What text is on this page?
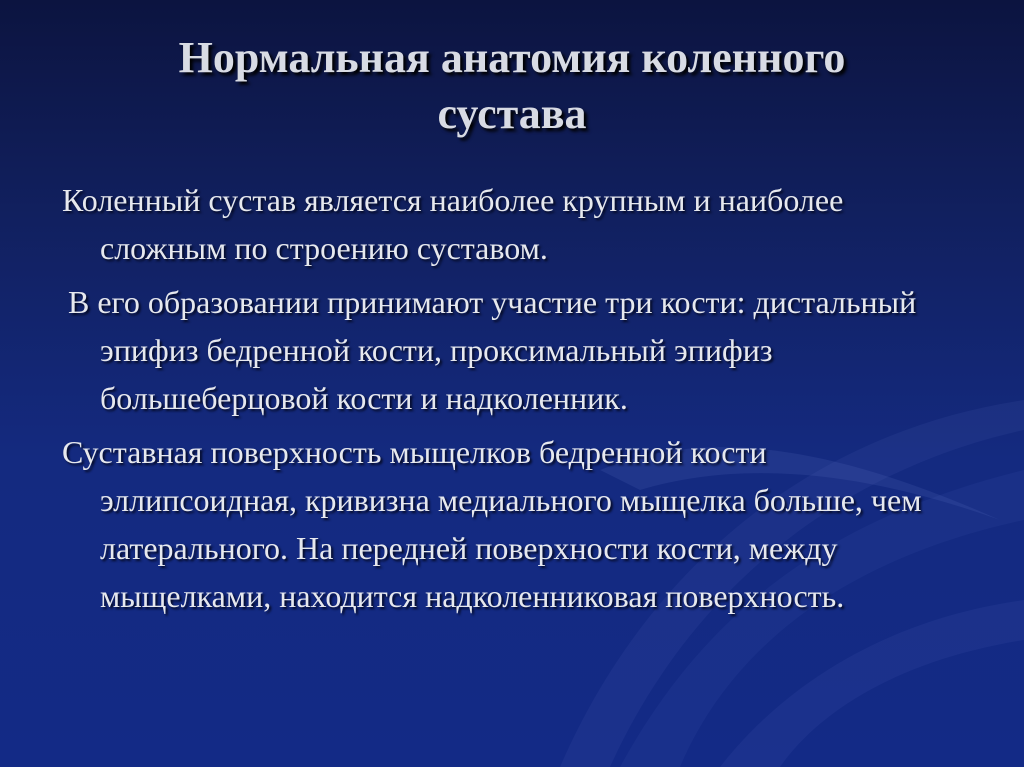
Нормальная анатомия коленного
сустава

Коленный сустав является наиболее крупным и наиболее сложным по строению суставом.

В его образовании принимают участие три кости: дистальный эпифиз бедренной кости, проксимальный эпифиз большеберцовой кости и надколенник.

Суставная поверхность мыщелков бедренной кости эллипсоидная, кривизна медиального мыщелка больше, чем латерального. На передней поверхности кости, между мыщелками, находится надколенниковая поверхность.
